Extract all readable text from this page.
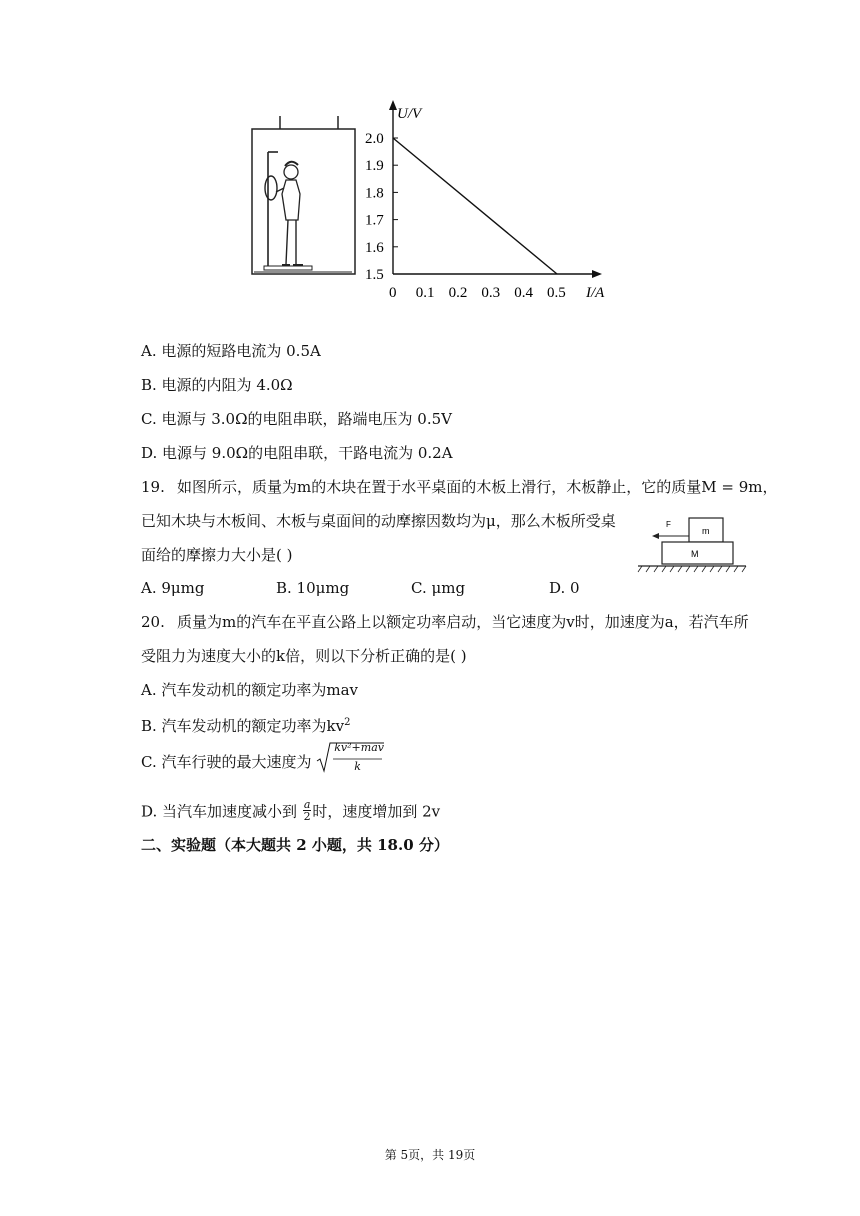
U/V
I/A
2.0
1.9
1.8
1.7
1.6
1.5
0 0.1 0.2 0.3 0.4 0.5
A. 电源的短路电流为 0.5A
B. 电源的内阻为 4.0Ω
C. 电源与 3.0Ω的电阻串联，路端电压为 0.5V
D. 电源与 9.0Ω的电阻串联，干路电流为 0.2A
19. 如图所示，质量为m的木块在置于水平桌面的木板上滑行，木板静止，它的质量M = 9m，
已知木块与木板间、木板与桌面间的动摩擦因数均为μ，那么木板所受桌
面给的摩擦力大小是( )
m
M
F
A. 9μmg	B. 10μmg	C. μmg	D. 0
20. 质量为m的汽车在平直公路上以额定功率启动，当它速度为v时，加速度为a，若汽车所
受阻力为速度大小的k倍，则以下分析正确的是( )
A. 汽车发动机的额定功率为mav
B. 汽车发动机的额定功率为$kv^2$
C. 汽车行驶的最大速度为
kv²+mav
k
D. 当汽车加速度减小到 $\frac{a}{2}$ 时，速度增加到 2v
二、实验题（本大题共 2 小题，共 18.0 分）
第 5页，共 19页
